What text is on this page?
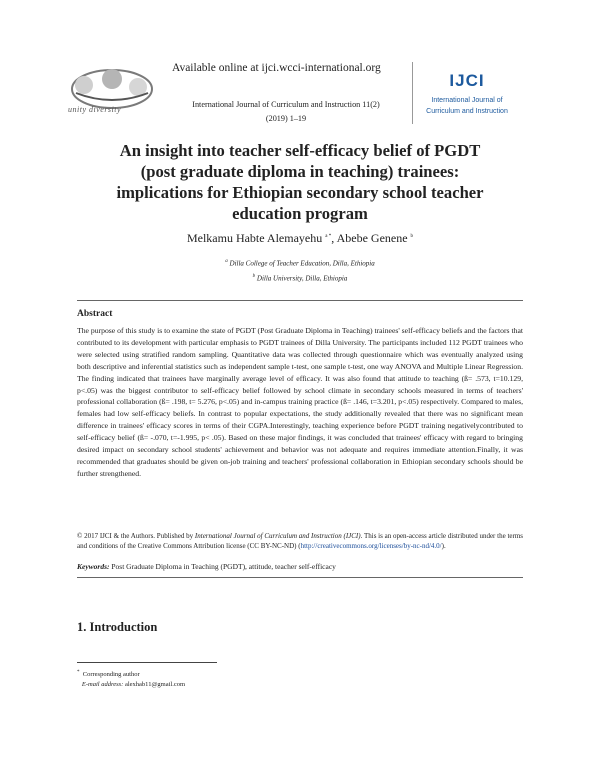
unity diversity
Available online at ijci.wcci-international.org
International Journal of Curriculum and Instruction 11(2)
(2019) 1–19
IJCI
International Journal of
Curriculum and Instruction
An insight into teacher self-efficacy belief of PGDT
(post graduate diploma in teaching) trainees:
implications for Ethiopian secondary school teacher
education program
Melkamu Habte Alemayehu $^{a *}$, Abebe Genene $^b$
$^a$ Dilla College of Teacher Education, Dilla, Ethiopia
$^b$ Dilla University, Dilla, Ethiopia
Abstract
The purpose of this study is to examine the state of PGDT (Post Graduate Diploma in Teaching) trainees' self-efficacy beliefs and the factors that contributed to its development with particular emphasis to PGDT trainees of Dilla University. The participants included 112 PGDT trainees who were selected using stratified random sampling. Quantitative data was collected through questionnaire which was eventually analyzed using both descriptive and inferential statistics such as independent sample t-test, one sample t-test, one way ANOVA and Multiple Linear Regression. The finding indicated that trainees have marginally average level of efficacy. It was also found that attitude to teaching (ß= .573, t=10.129, p<.05) was the biggest contributor to self-efficacy belief followed by school climate in secondary schools measured in terms of teachers' professional collaboration (ß= .198, t= 5.276, p<.05) and in-campus training practice (ß= .146, t=3.201, p<.05) respectively. Compared to males, females had low self-efficacy beliefs. In contrast to popular expectations, the study additionally revealed that there was no significant mean difference in trainees' efficacy scores in terms of their CGPA.Interestingly, teaching experience before PGDT training negativelycontributed to self-efficacy belief (ß= -.070, t=-1.995, p< .05). Based on these major findings, it was concluded that trainees' efficacy with regard to bringing desired impact on secondary school students' achievement and behavior was not adequate and requires immediate attention.Finally, it was recommended that graduates should be given on-job training and teachers' professional collaboration in Ethiopian secondary schools should be further strengthened.
© 2017 IJCI & the Authors. Published by International Journal of Curriculum and Instruction (IJCI). This is an open-access article distributed under the terms and conditions of the Creative Commons Attribution license (CC BY-NC-ND) (http://creativecommons.org/licenses/by-nc-nd/4.0/).
Keywords: Post Graduate Diploma in Teaching (PGDT), attitude, teacher self-efficacy
1. Introduction
* Corresponding author
E-mail address: alexhab11@gmail.com
